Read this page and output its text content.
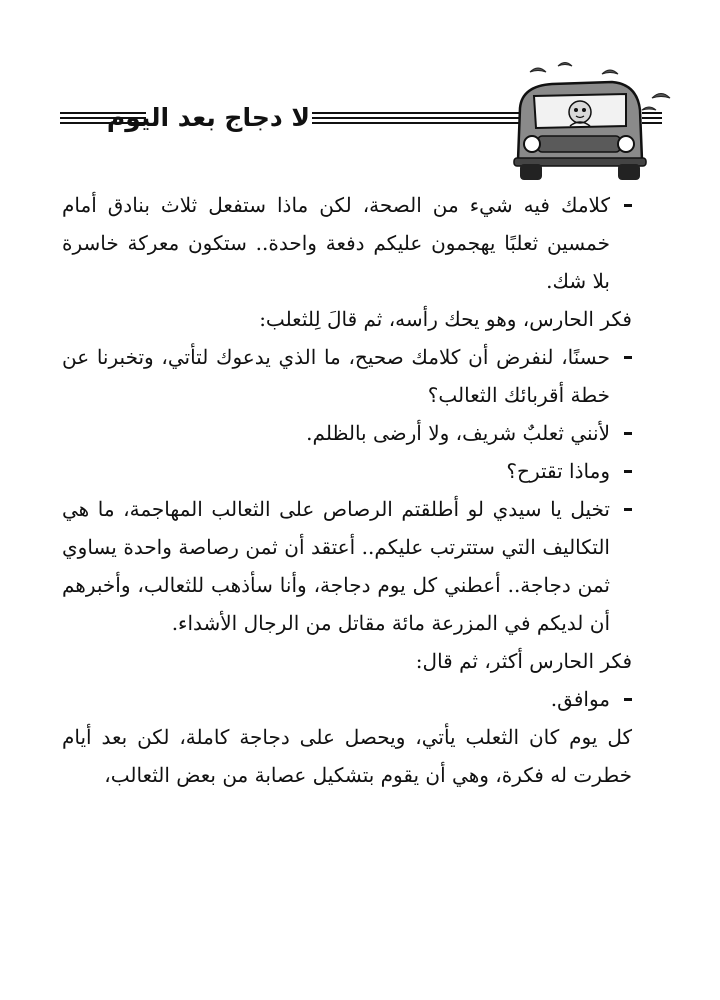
لا دجاج بعد اليوم
كلامك فيه شيء من الصحة، لكن ماذا ستفعل ثلاث بنادق أمام خمسين ثعلبًا يهجمون عليكم دفعة واحدة.. ستكون معركة خاسرة بلا شك.

فكر الحارس، وهو يحك رأسه، ثم قالَ لِلثعلب:

حسنًا، لنفرض أن كلامك صحيح، ما الذي يدعوك لتأتي، وتخبرنا عن خطة أقربائك الثعالب؟
لأنني ثعلبٌ شريف، ولا أرضى بالظلم.
وماذا تقترح؟
تخيل يا سيدي لو أطلقتم الرصاص على الثعالب المهاجمة، ما هي التكاليف التي ستترتب عليكم.. أعتقد أن ثمن رصاصة واحدة يساوي ثمن دجاجة.. أعطني كل يوم دجاجة، وأنا سأذهب للثعالب، وأخبرهم أن لديكم في المزرعة مائة مقاتل من الرجال الأشداء.

فكر الحارس أكثر، ثم قال:

موافق.

كل يوم كان الثعلب يأتي، ويحصل على دجاجة كاملة، لكن بعد أيام خطرت له فكرة، وهي أن يقوم بتشكيل عصابة من بعض الثعالب،
